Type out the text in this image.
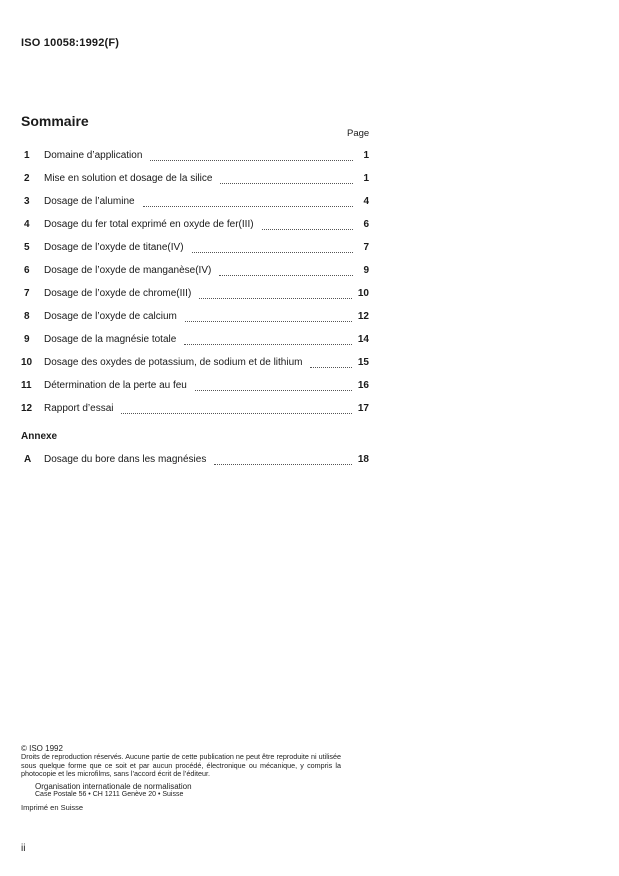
ISO 10058:1992(F)
Sommaire
Page
1	Domaine d’application	1
2	Mise en solution et dosage de la silice	1
3	Dosage de l’alumine	4
4	Dosage du fer total exprimé en oxyde de fer(III)	6
5	Dosage de l’oxyde de titane(IV)	7
6	Dosage de l’oxyde de manganèse(IV)	9
7	Dosage de l’oxyde de chrome(III)	10
8	Dosage de l’oxyde de calcium	12
9	Dosage de la magnésie totale	14
10	Dosage des oxydes de potassium, de sodium et de lithium	15
11	Détermination de la perte au feu	16
12	Rapport d’essai	17
Annexe
A	Dosage du bore dans les magnésies	18

© ISO 1992

Droits de reproduction réservés. Aucune partie de cette publication ne peut être reproduite ni utilisée sous quelque forme que ce soit et par aucun procédé, électronique ou mécanique, y compris la photocopie et les microfilms, sans l’accord écrit de l’éditeur.

Organisation internationale de normalisation

Case Postale 56 • CH 1211 Genève 20 • Suisse

Imprimé en Suisse

ii
